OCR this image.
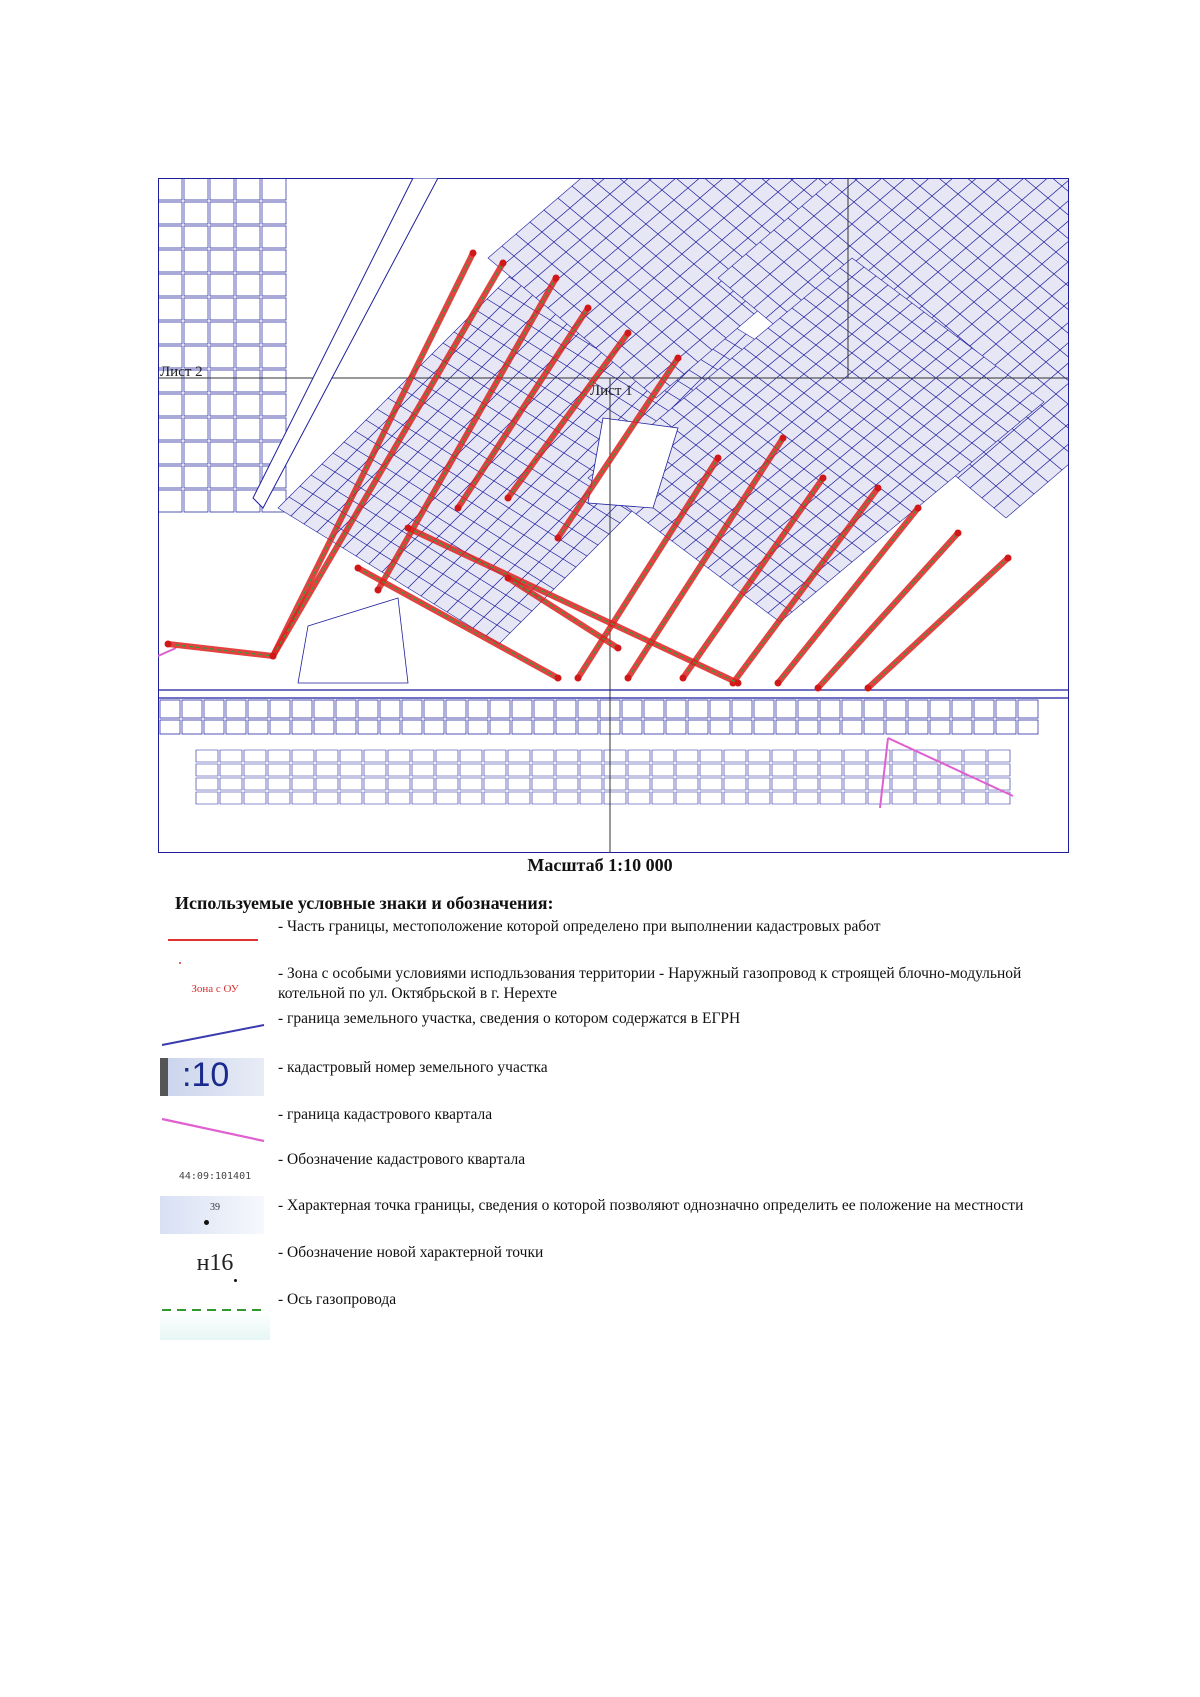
Лист 2
Лист 1
Масштаб 1:10 000
Используемые условные знаки и обозначения:
- Часть границы, местоположение которой определено при выполнении кадастровых работ
Зона с ОУ
- Зона с особыми условиями исподльзования территории - Наружный газопровод к строящей блочно-модульной котельной по ул. Октябрьской в г. Нерехте
- граница земельного участка, сведения о котором содержатся в ЕГРН
:10	- кадастровый номер земельного участка
- граница кадастрового квартала
44:09:101401
- Обозначение кадастрового квартала
39	- Характерная точка границы, сведения о которой позволяют однозначно определить ее положение на местности
н16	- Обозначение новой характерной точки
- Ось газопровода
